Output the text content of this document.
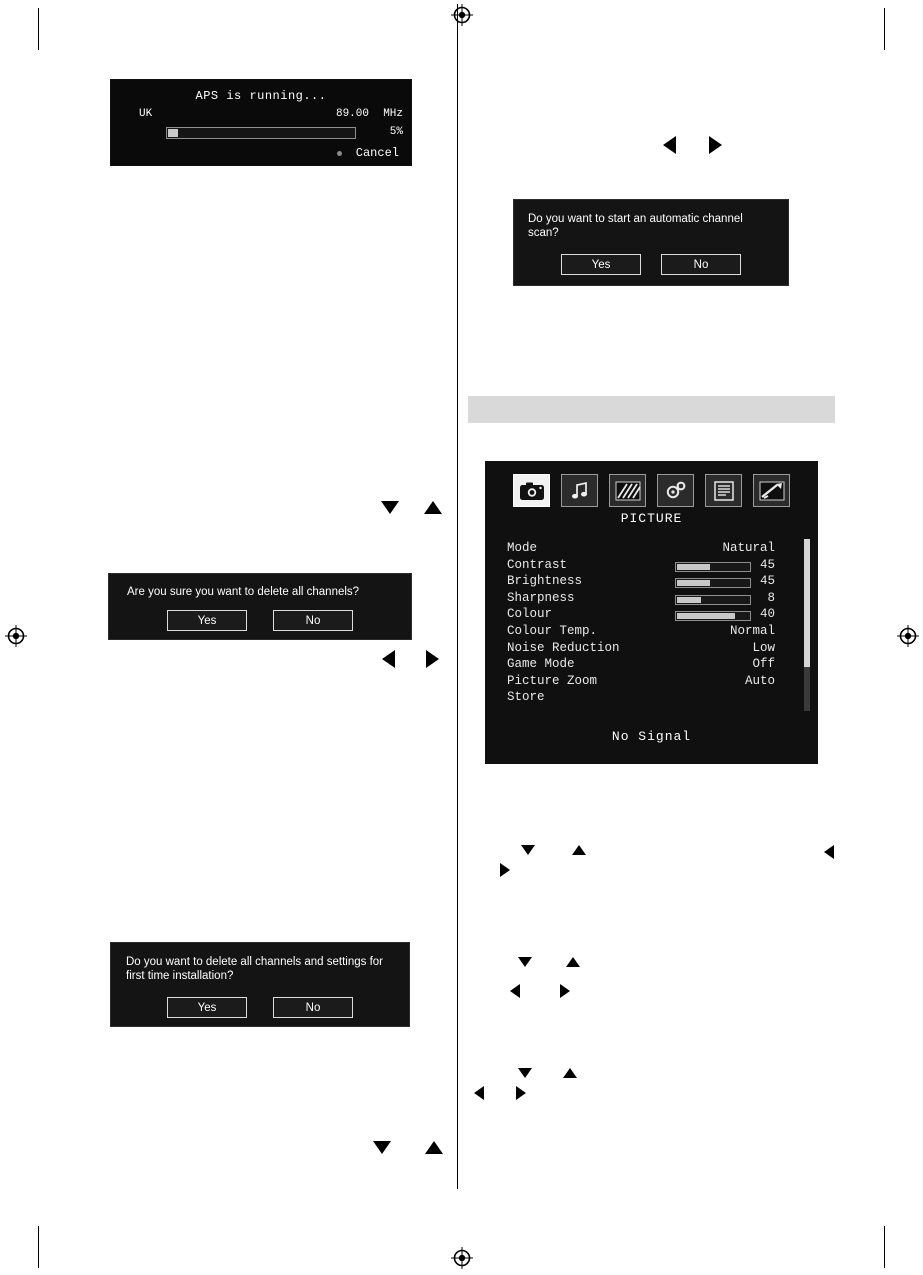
APS is running...
UK	89.00 MHz
5%
Cancel
Are you sure you want to delete all channels?
Yes	No
Do you want to delete all channels and settings for first time installation?
Yes	No
Do you want to start an automatic channel scan?
Yes	No
PICTURE
Mode	Natural
Contrast	45
Brightness	45
Sharpness	8
Colour	40
Colour Temp.	Normal
Noise Reduction	Low
Game Mode	Off
Picture Zoom	Auto
Store
No Signal
